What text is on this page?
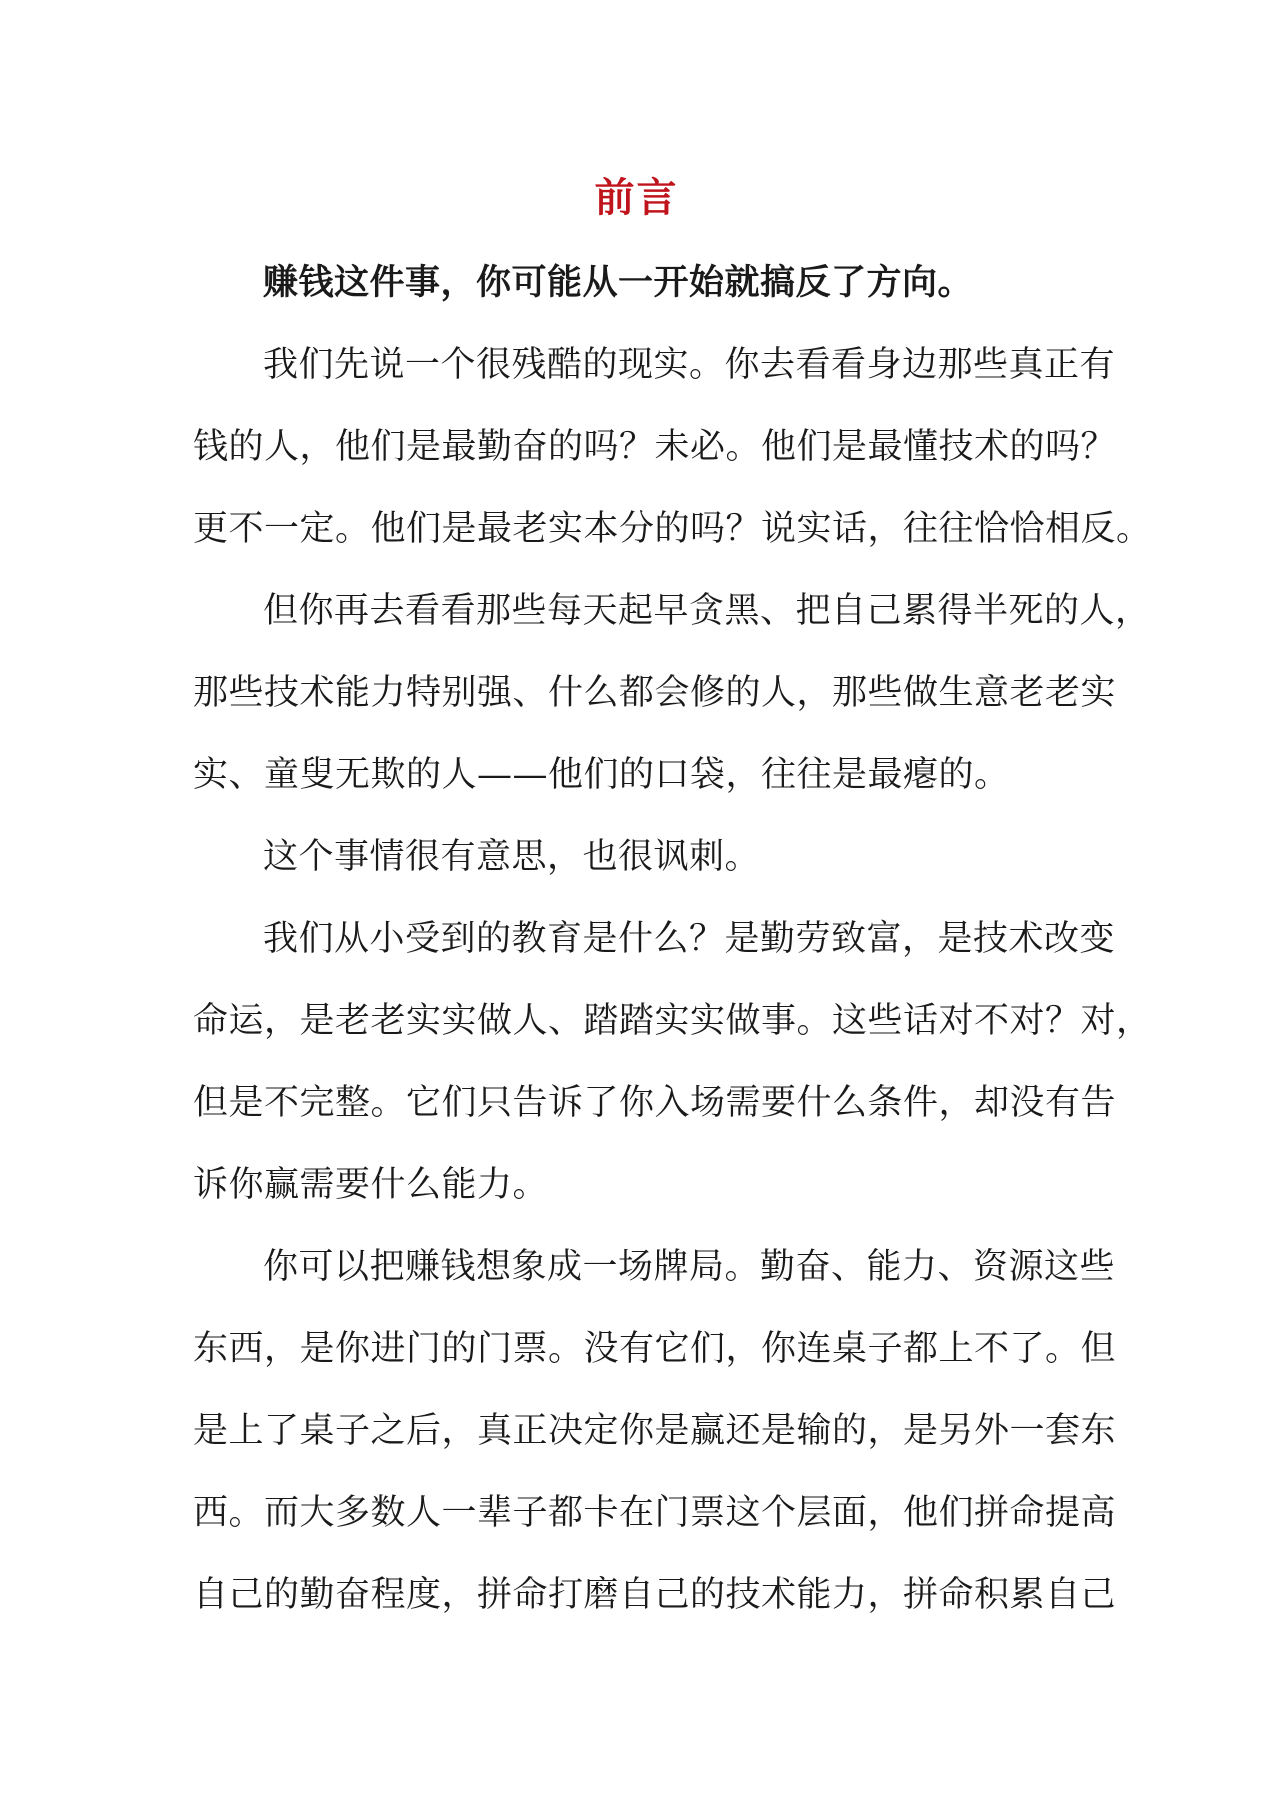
前言
赚钱这件事，你可能从一开始就搞反了方向。
我们先说一个很残酷的现实。你去看看身边那些真正有
钱的人，他们是最勤奋的吗？未必。他们是最懂技术的吗？
更不一定。他们是最老实本分的吗？说实话，往往恰恰相反。
但你再去看看那些每天起早贪黑、把自己累得半死的人，
那些技术能力特别强、什么都会修的人，那些做生意老老实
实、童叟无欺的人——他们的口袋，往往是最瘪的。
这个事情很有意思，也很讽刺。
我们从小受到的教育是什么？是勤劳致富，是技术改变
命运，是老老实实做人、踏踏实实做事。这些话对不对？对，
但是不完整。它们只告诉了你入场需要什么条件，却没有告
诉你赢需要什么能力。
你可以把赚钱想象成一场牌局。勤奋、能力、资源这些
东西，是你进门的门票。没有它们，你连桌子都上不了。但
是上了桌子之后，真正决定你是赢还是输的，是另外一套东
西。而大多数人一辈子都卡在门票这个层面，他们拼命提高
自己的勤奋程度，拼命打磨自己的技术能力，拼命积累自己
